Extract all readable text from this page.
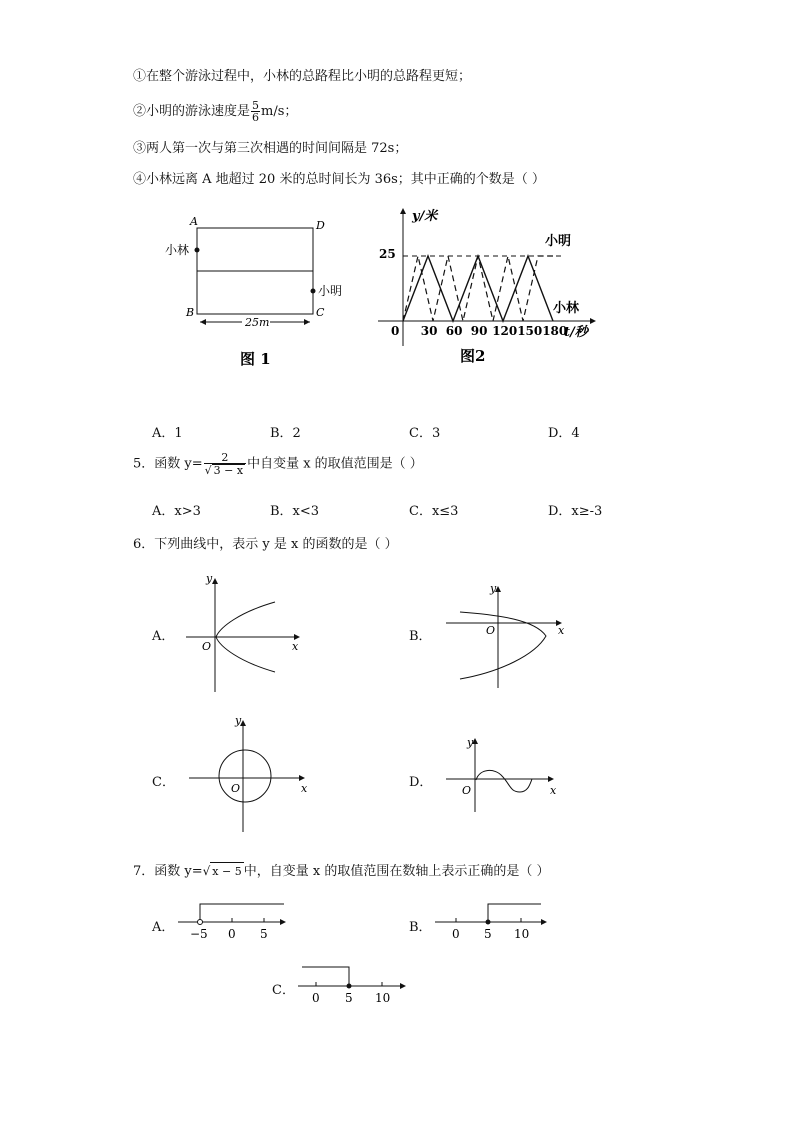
①在整个游泳过程中，小林的总路程比小明的总路程更短；
②小明的游泳速度是 $\frac{5}{6} m/s$；
③两人第一次与第三次相遇的时间间隔是 72s；
④小林远离 A 地超过 20 米的总时间长为 36s；其中正确的个数是（ ）
A	D
B	C
小林
小明
25m
图 1
y/米
t/秒
25
小明
小林
0 30 60 90 120 150 180
图2
A．1	B．2	C．3	D．4
5．函数 $y= \frac{2}{√ 3 - x}$ 中自变量 x 的取值范围是（ ）
A．x>3	B．x<3	C．x≤3	D．x≥-3
6．下列曲线中，表示 y 是 x 的函数的是（ ）
A．
y
x
O
B．
y
x
O
C．
y
x
O	D．
y
x
O
7．函数 y=√ x − 5 中，自变量 x 的取值范围在数轴上表示正确的是（ ）
A． −5 0 5	B． 0 5 10
C． 0 5 10
